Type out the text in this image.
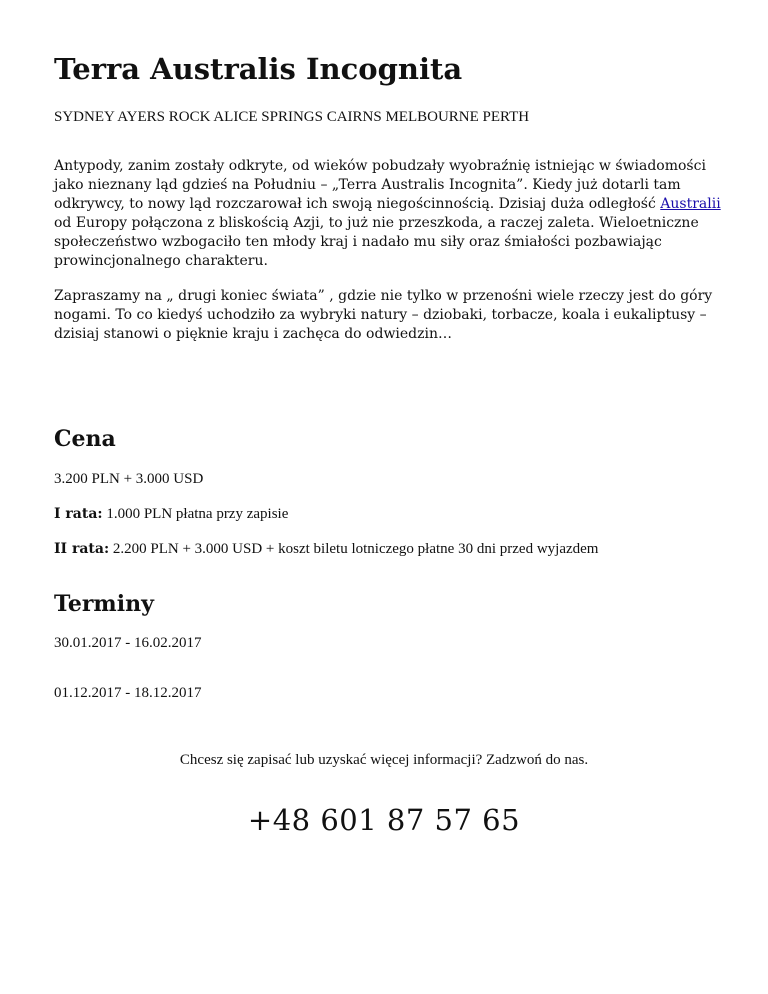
Terra Australis Incognita

SYDNEY AYERS ROCK ALICE SPRINGS CAIRNS MELBOURNE PERTH

Antypody, zanim zostały odkryte, od wieków pobudzały wyobraźnię istniejąc w świadomości jako nieznany ląd gdzieś na Południu – „Terra Australis Incognita”. Kiedy już dotarli tam odkrywcy, to nowy ląd rozczarował ich swoją niegościnnością. Dzisiaj duża odległość Australii od Europy połączona z bliskością Azji, to już nie przeszkoda, a raczej zaleta. Wieloetniczne społeczeństwo wzbogaciło ten młody kraj i nadało mu siły oraz śmiałości pozbawiając prowincjonalnego charakteru.

Zapraszamy na „ drugi koniec świata” , gdzie nie tylko w przenośni wiele rzeczy jest do góry nogami. To co kiedyś uchodziło za wybryki natury – dziobaki, torbacze, koala i eukaliptusy – dzisiaj stanowi o pięknie kraju i zachęca do odwiedzin…

Cena

3.200 PLN + 3.000 USD

I rata: 1.000 PLN płatna przy zapisie

II rata: 2.200 PLN + 3.000 USD + koszt biletu lotniczego płatne 30 dni przed wyjazdem

Terminy

30.01.2017 - 16.02.2017

01.12.2017 - 18.12.2017

Chcesz się zapisać lub uzyskać więcej informacji? Zadzwoń do nas.

+48 601 87 57 65
